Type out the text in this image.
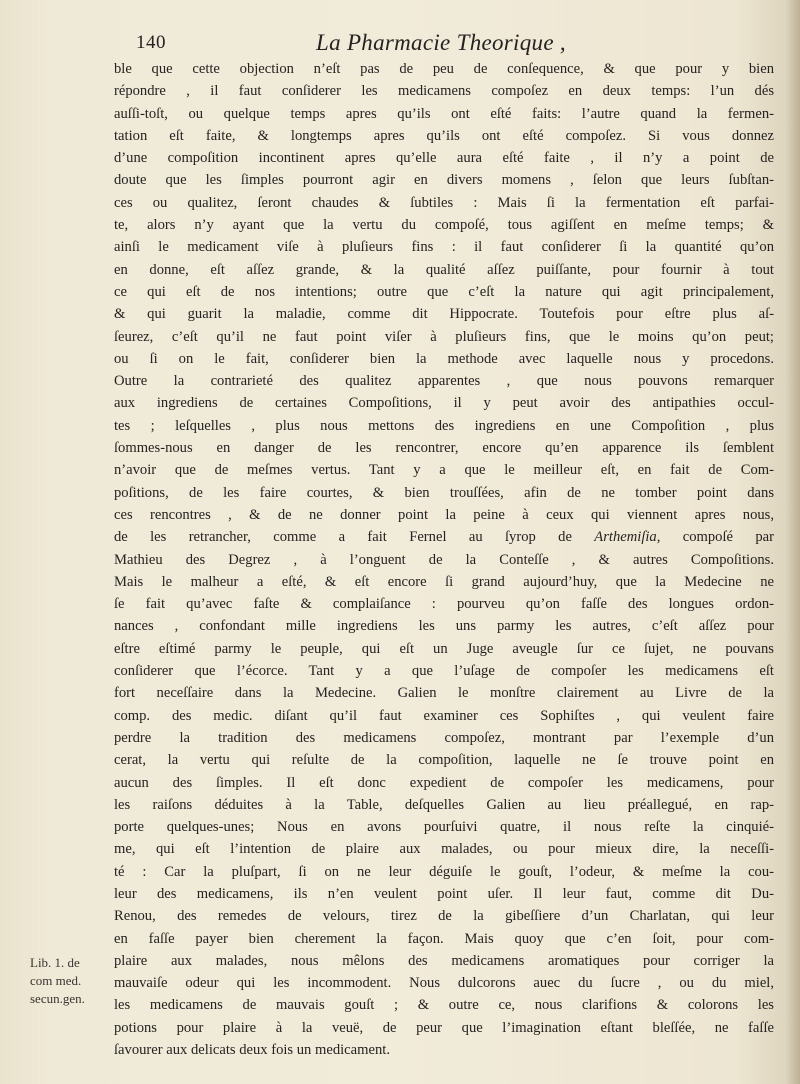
140	La Pharmacie Theorique ,
ble que cette objection n’eſt pas de peu de conſequence, & que pour y bien
répondre , il faut conſiderer les medicamens compoſez en deux temps: l’un dés
auſſi-toſt, ou quelque temps apres qu’ils ont eſté faits: l’autre quand la fermen-
tation eſt faite, & longtemps apres qu’ils ont eſté compoſez. Si vous donnez
d’une compoſition incontinent apres qu’elle aura eſté faite , il n’y a point de
doute que les ſimples pourront agir en divers momens , ſelon que leurs ſubſtan-
ces ou qualitez, ſeront chaudes & ſubtiles : Mais ſi la fermentation eſt parfai-
te, alors n’y ayant que la vertu du compoſé, tous agiſſent en meſme temps; &
ainſi le medicament viſe à pluſieurs fins : il faut conſiderer ſi la quantité qu’on
en donne, eſt aſſez grande, & la qualité aſſez puiſſante, pour fournir à tout
ce qui eſt de nos intentions; outre que c’eſt la nature qui agit principalement,
& qui guarit la maladie, comme dit Hippocrate. Toutefois pour eſtre plus aſ-
ſeurez, c’eſt qu’il ne faut point viſer à pluſieurs fins, que le moins qu’on peut;
ou ſi on le fait, conſiderer bien la methode avec laquelle nous y procedons.
Outre la contrarieté des qualitez apparentes , que nous pouvons remarquer
aux ingrediens de certaines Compoſitions, il y peut avoir des antipathies occul-
tes ; leſquelles , plus nous mettons des ingrediens en une Compoſition , plus
ſommes-nous en danger de les rencontrer, encore qu’en apparence ils ſemblent
n’avoir que de meſmes vertus. Tant y a que le meilleur eſt, en fait de Com-
poſitions, de les faire courtes, & bien trouſſées, afin de ne tomber point dans
ces rencontres , & de ne donner point la peine à ceux qui viennent apres nous,
de les retrancher, comme a fait Fernel au ſyrop de Arthemiſia, compoſé par
Mathieu des Degrez , à l’onguent de la Conteſſe , & autres Compoſitions.
Mais le malheur a eſté, & eſt encore ſi grand aujourd’huy, que la Medecine ne
ſe fait qu’avec faſte & complaiſance : pourveu qu’on faſſe des longues ordon-
nances , confondant mille ingrediens les uns parmy les autres, c’eſt aſſez pour
eſtre eſtimé parmy le peuple, qui eſt un Juge aveugle ſur ce ſujet, ne pouvans
conſiderer que l’écorce. Tant y a que l’uſage de compoſer les medicamens eſt
fort neceſſaire dans la Medecine. Galien le monſtre clairement au Livre de la
comp. des medic. diſant qu’il faut examiner ces Sophiſtes , qui veulent faire
perdre la tradition des medicamens compoſez, montrant par l’exemple d’un
cerat, la vertu qui reſulte de la compoſition, laquelle ne ſe trouve point en
aucun des ſimples. Il eſt donc expedient de compoſer les medicamens, pour
les raiſons déduites à la Table, deſquelles Galien au lieu préallegué, en rap-
porte quelques-unes; Nous en avons pourſuivi quatre, il nous reſte la cinquié-
me, qui eſt l’intention de plaire aux malades, ou pour mieux dire, la neceſſi-
té : Car la pluſpart, ſi on ne leur déguiſe le gouſt, l’odeur, & meſme la cou-
leur des medicamens, ils n’en veulent point uſer. Il leur faut, comme dit Du-
Renou, des remedes de velours, tirez de la gibeſſiere d’un Charlatan, qui leur
en faſſe payer bien cherement la façon. Mais quoy que c’en ſoit, pour com-
plaire aux malades, nous mêlons des medicamens aromatiques pour corriger la
mauvaiſe odeur qui les incommodent. Nous dulcorons auec du ſucre , ou du miel,
les medicamens de mauvais gouſt ; & outre ce, nous clarifions & colorons les
potions pour plaire à la veuë, de peur que l’imagination eſtant bleſſée, ne faſſe
ſavourer aux delicats deux fois un medicament.
Lib. 1. de
com med.
secun.gen.
